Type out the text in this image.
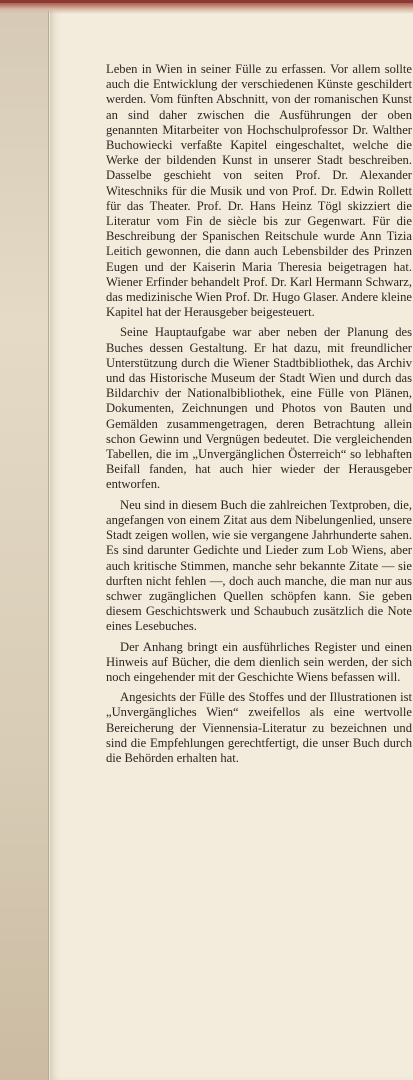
Leben in Wien in seiner Fülle zu erfassen. Vor allem sollte auch die Entwicklung der verschiedenen Künste geschildert werden. Vom fünften Abschnitt, von der romanischen Kunst an sind daher zwischen die Ausführungen der oben genannten Mitarbeiter von Hochschulprofessor Dr. Walther Buchowiecki verfaßte Kapitel eingeschaltet, welche die Werke der bildenden Kunst in unserer Stadt beschreiben. Dasselbe geschieht von seiten Prof. Dr. Alexander Witeschniks für die Musik und von Prof. Dr. Edwin Rollett für das Theater. Prof. Dr. Hans Heinz Tögl skizziert die Literatur vom Fin de siècle bis zur Gegenwart. Für die Beschreibung der Spanischen Reitschule wurde Ann Tizia Leitich gewonnen, die dann auch Lebensbilder des Prinzen Eugen und der Kaiserin Maria Theresia beigetragen hat. Wiener Erfinder behandelt Prof. Dr. Karl Hermann Schwarz, das medizinische Wien Prof. Dr. Hugo Glaser. Andere kleine Kapitel hat der Herausgeber beigesteuert.

Seine Hauptaufgabe war aber neben der Planung des Buches dessen Gestaltung. Er hat dazu, mit freundlicher Unterstützung durch die Wiener Stadtbibliothek, das Archiv und das Historische Museum der Stadt Wien und durch das Bildarchiv der Nationalbibliothek, eine Fülle von Plänen, Dokumenten, Zeichnungen und Photos von Bauten und Gemälden zusammengetragen, deren Betrachtung allein schon Gewinn und Vergnügen bedeutet. Die vergleichenden Tabellen, die im „Unvergänglichen Österreich“ so lebhaften Beifall fanden, hat auch hier wieder der Herausgeber entworfen.

Neu sind in diesem Buch die zahlreichen Textproben, die, angefangen von einem Zitat aus dem Nibelungenlied, unsere Stadt zeigen wollen, wie sie vergangene Jahrhunderte sahen. Es sind darunter Gedichte und Lieder zum Lob Wiens, aber auch kritische Stimmen, manche sehr bekannte Zitate — sie durften nicht fehlen —, doch auch manche, die man nur aus schwer zugänglichen Quellen schöpfen kann. Sie geben diesem Geschichtswerk und Schaubuch zusätzlich die Note eines Lesebuches.

Der Anhang bringt ein ausführliches Register und einen Hinweis auf Bücher, die dem dienlich sein werden, der sich noch eingehender mit der Geschichte Wiens befassen will.

Angesichts der Fülle des Stoffes und der Illustrationen ist „Unvergängliches Wien“ zweifellos als eine wertvolle Bereicherung der Viennensia-Literatur zu bezeichnen und sind die Empfehlungen gerechtfertigt, die unser Buch durch die Behörden erhalten hat.
